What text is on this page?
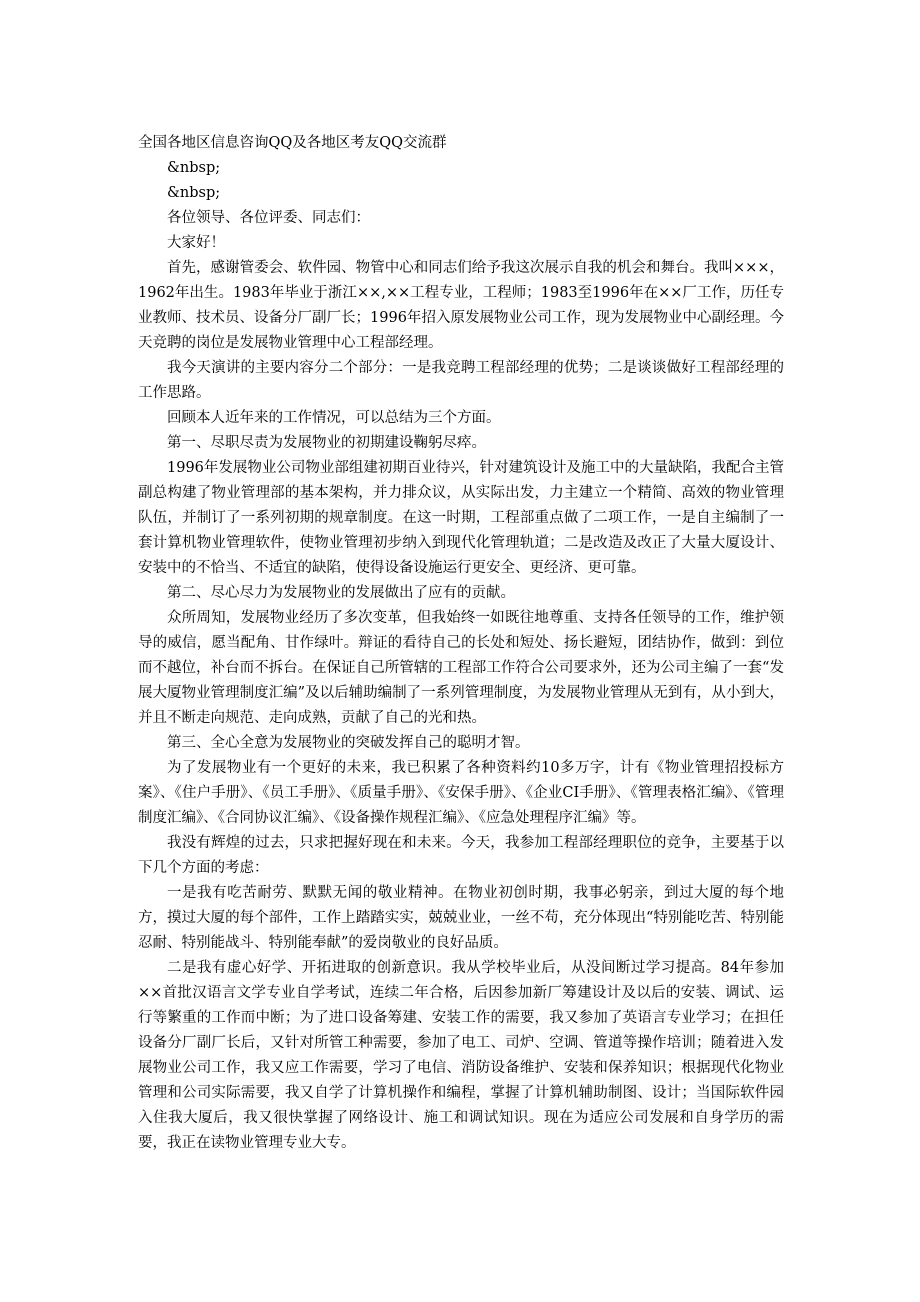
全国各地区信息咨询QQ及各地区考友QQ交流群

&nbsp;

&nbsp;

各位领导、各位评委、同志们：

大家好！

首先，感谢管委会、软件园、物管中心和同志们给予我这次展示自我的机会和舞台。我叫×××，1962年出生。1983年毕业于浙江××,××工程专业，工程师；1983至1996年在××厂工作，历任专业教师、技术员、设备分厂副厂长；1996年招入原发展物业公司工作，现为发展物业中心副经理。今天竞聘的岗位是发展物业管理中心工程部经理。

我今天演讲的主要内容分二个部分：一是我竞聘工程部经理的优势；二是谈谈做好工程部经理的工作思路。

回顾本人近年来的工作情况，可以总结为三个方面。

第一、尽职尽责为发展物业的初期建设鞠躬尽瘁。

1996年发展物业公司物业部组建初期百业待兴，针对建筑设计及施工中的大量缺陷，我配合主管副总构建了物业管理部的基本架构，并力排众议，从实际出发，力主建立一个精简、高效的物业管理队伍，并制订了一系列初期的规章制度。在这一时期，工程部重点做了二项工作，一是自主编制了一套计算机物业管理软件，使物业管理初步纳入到现代化管理轨道；二是改造及改正了大量大厦设计、安装中的不恰当、不适宜的缺陷，使得设备设施运行更安全、更经济、更可靠。

第二、尽心尽力为发展物业的发展做出了应有的贡献。

众所周知，发展物业经历了多次变革，但我始终一如既往地尊重、支持各任领导的工作，维护领导的威信，愿当配角、甘作绿叶。辩证的看待自己的长处和短处、扬长避短，团结协作，做到：到位而不越位，补台而不拆台。在保证自己所管辖的工程部工作符合公司要求外，还为公司主编了一套“发展大厦物业管理制度汇编”及以后辅助编制了一系列管理制度，为发展物业管理从无到有，从小到大，并且不断走向规范、走向成熟，贡献了自己的光和热。

第三、全心全意为发展物业的突破发挥自己的聪明才智。

为了发展物业有一个更好的未来，我已积累了各种资料约10多万字，计有《物业管理招投标方案》、《住户手册》、《员工手册》、《质量手册》、《安保手册》、《企业CI手册》、《管理表格汇编》、《管理制度汇编》、《合同协议汇编》、《设备操作规程汇编》、《应急处理程序汇编》等。

我没有辉煌的过去，只求把握好现在和未来。今天，我参加工程部经理职位的竞争，主要基于以下几个方面的考虑：

一是我有吃苦耐劳、默默无闻的敬业精神。在物业初创时期，我事必躬亲，到过大厦的每个地方，摸过大厦的每个部件，工作上踏踏实实，兢兢业业，一丝不苟，充分体现出“特别能吃苦、特别能忍耐、特别能战斗、特别能奉献”的爱岗敬业的良好品质。

二是我有虚心好学、开拓进取的创新意识。我从学校毕业后，从没间断过学习提高。84年参加××首批汉语言文学专业自学考试，连续二年合格，后因参加新厂筹建设计及以后的安装、调试、运行等繁重的工作而中断；为了进口设备筹建、安装工作的需要，我又参加了英语言专业学习；在担任设备分厂副厂长后，又针对所管工种需要，参加了电工、司炉、空调、管道等操作培训；随着进入发展物业公司工作，我又应工作需要，学习了电信、消防设备维护、安装和保养知识；根据现代化物业管理和公司实际需要，我又自学了计算机操作和编程，掌握了计算机辅助制图、设计；当国际软件园入住我大厦后，我又很快掌握了网络设计、施工和调试知识。现在为适应公司发展和自身学历的需要，我正在读物业管理专业大专。
